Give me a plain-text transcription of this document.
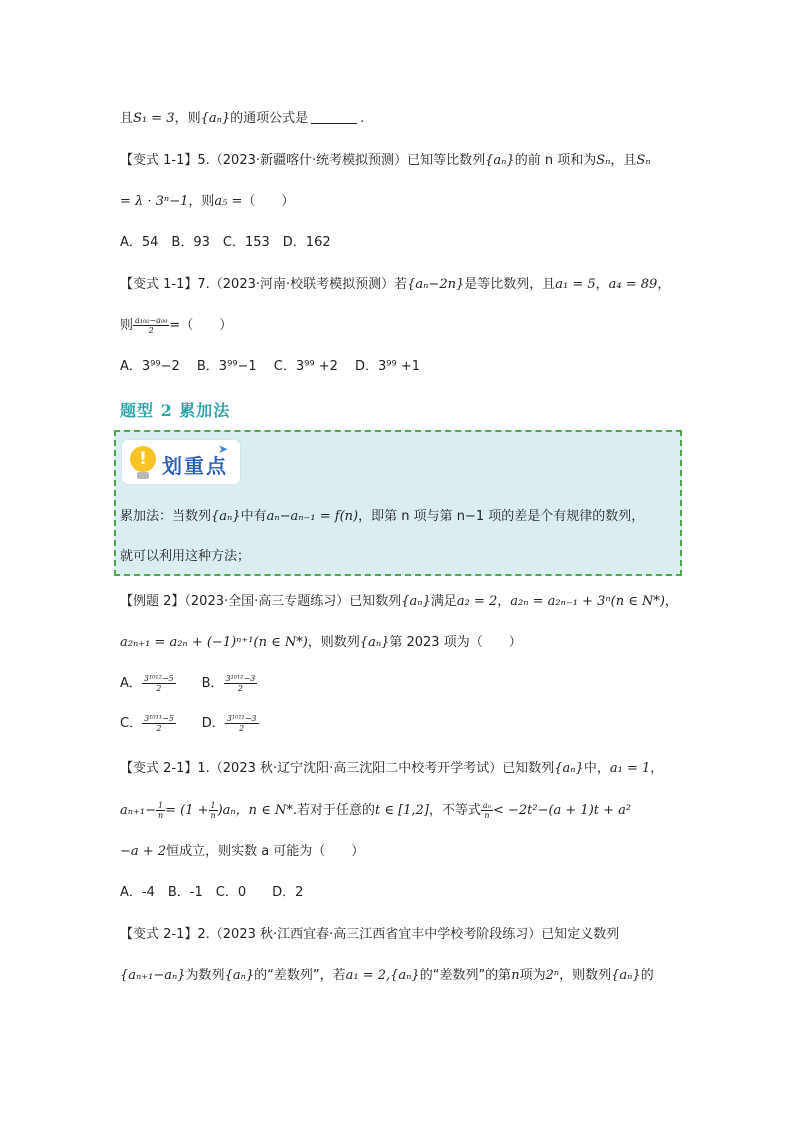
且S₁ = 3，则{aₙ}的通项公式是	.
【变式 1-1】5.（2023·新疆喀什·统考模拟预测）已知等比数列{aₙ}的前 n 项和为Sₙ，且Sₙ
= λ · 3ⁿ−1，则a₅ =（　　）
A．54　B．93　C．153　D．162
【变式 1-1】7.（2023·河南·校联考模拟预测）若{aₙ−2n}是等比数列，且a₁ = 5，a₄ = 89，
则 $\frac{\text{a₁₀₀−a₉₉}}{2}$ =（　　）
A．3⁹⁹−2　 B．3⁹⁹−1　 C．3⁹⁹ +2　 D．3⁹⁹ +1
题型 2 累加法
! 划重点
➤
累加法：当数列{aₙ}中有aₙ−aₙ₋₁ = f(n)，即第 n 项与第 n−1 项的差是个有规律的数列，
就可以利用这种方法；
【例题 2】（2023·全国·高三专题练习）已知数列{aₙ}满足a₂ = 2，a₂ₙ = a₂ₙ₋₁ + 3ⁿ(n ∈ N*)，
a₂ₙ₊₁ = a₂ₙ + (−1)ⁿ⁺¹(n ∈ N*)，则数列{aₙ}第 2023 项为（　　）
A． $\frac{\text{3¹⁰¹²−5}}{2}$ B． $\frac{\text{3¹⁰¹²−3}}{2}$
C． $\frac{\text{3¹⁰¹¹−5}}{2}$ D． $\frac{\text{3¹⁰¹¹−3}}{2}$
【变式 2-1】1.（2023 秋·辽宁沈阳·高三沈阳二中校考开学考试）已知数列{aₙ}中，a₁ = 1，
$a_{n+1}- \frac{1}{n} = (1 + \frac{1}{n} )a_n$，n ∈ N*.若对于任意的t ∈ [1,2]，不等式 $\frac{\text{aₙ}}{n} < -2t^2-(a + 1)t + a^2$
−a + 2恒成立，则实数 a 可能为（　　）
A．-4　B．-1　C．0　　D．2
【变式 2-1】2.（2023 秋·江西宜春·高三江西省宜丰中学校考阶段练习）已知定义数列
{aₙ₊₁−aₙ}为数列{aₙ}的“差数列”，若a₁ = 2,{aₙ}的“差数列”的第n项为2ⁿ，则数列{aₙ}的
